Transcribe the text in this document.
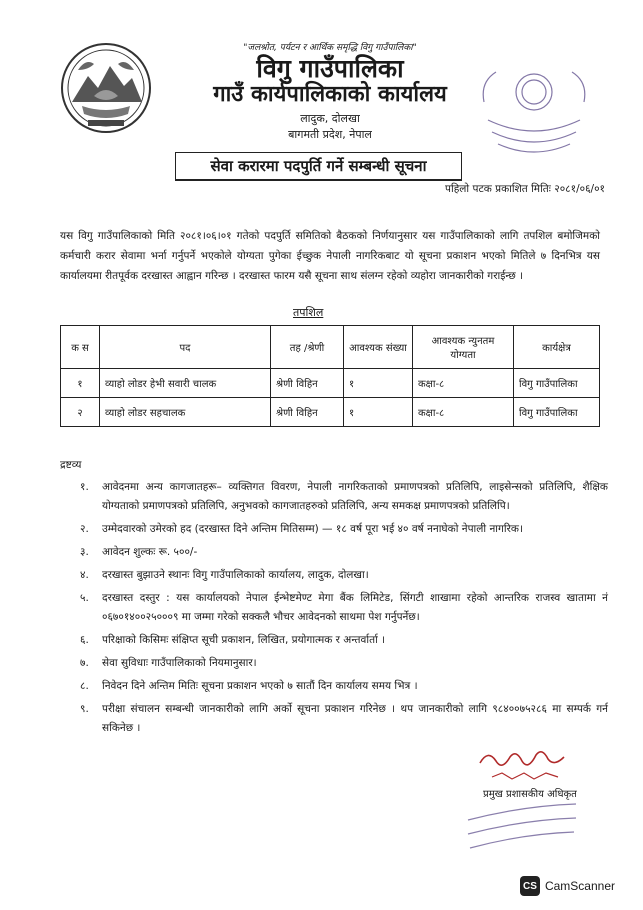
"जलश्रोत, पर्यटन र आर्थिक समृद्धि विगु गाउँपालिका"
विगु गाउँपालिका
गाउँ कार्यपालिकाको कार्यालय
लादुक, दोलखा
बागमती प्रदेश, नेपाल
सेवा करारमा पदपुर्ति गर्ने सम्बन्धी सूचना
पहिलो पटक प्रकाशित मितिः २०८१/०६/०१

यस विगु गाउँपालिकाको मिति २०८१।०६।०१ गतेको पदपुर्ति समितिको बैठकको निर्णयानुसार यस गाउँपालिकाको लागि तपशिल बमोजिमको कर्मचारी करार सेवामा भर्ना गर्नुपर्ने भएकोले योग्यता पुगेका ईच्छुक नेपाली नागरिकबाट यो सूचना प्रकाशन भएको मितिले ७ दिनभित्र यस कार्यालयमा रीतपूर्वक दरखास्त आह्वान गरिन्छ । दरखास्त फारम यसै सूचना साथ संलग्न रहेको व्यहोरा जानकारीको गराईन्छ ।

तपशिल
क स	पद	तह /श्रेणी	आवश्यक संख्या	आवश्यक न्युनतम योग्यता	कार्यक्षेत्र
१	व्याहो लोडर हेभी सवारी चालक	श्रेणी विहिन	१	कक्षा-८	विगु गाउँपालिका
२	व्याहो लोडर सहचालक	श्रेणी विहिन	१	कक्षा-८	विगु गाउँपालिका
द्रष्टव्य
१.	आवेदनमा अन्य कागजातहरू– व्यक्तिगत विवरण, नेपाली नागरिकताको प्रमाणपत्रको प्रतिलिपि, लाइसेन्सको प्रतिलिपि, शैक्षिक योग्यताको प्रमाणपत्रको प्रतिलिपि, अनुभवको कागजातहरुको प्रतिलिपि, अन्य समकक्ष प्रमाणपत्रको प्रतिलिपि।
२.	उम्मेदवारको उमेरको हद (दरखास्त दिने अन्तिम मितिसम्म) — १८ वर्ष पूरा भई ४० वर्ष ननाघेको नेपाली नागरिक।
३.	आवेदन शुल्कः रू. ५००/-
४.	दरखास्त बुझाउने स्थानः विगु गाउँपालिकाको कार्यालय, लादुक, दोलखा।
५.	दरखास्त दस्तुर : यस कार्यालयको नेपाल ईन्भेष्टमेण्ट मेगा बैंक लिमिटेड, सिंगटी शाखामा रहेको आन्तरिक राजस्व खातामा नं ०६७०१४००२५०००९ मा जम्मा गरेको सक्कलै भौचर आवेदनको साथमा पेश गर्नुपर्नेछ।
६.	परिक्षाको किसिमः संक्षिप्त सूची प्रकाशन, लिखित, प्रयोगात्मक र अन्तर्वार्ता ।
७.	सेवा सुविधाः गाउँपालिकाको नियमानुसार।
८.	निवेदन दिने अन्तिम मितिः सूचना प्रकाशन भएको ७ सातौं दिन कार्यालय समय भित्र ।
९.	परीक्षा संचालन सम्बन्धी जानकारीको लागि अर्को सूचना प्रकाशन गरिनेछ । थप जानकारीको लागि ९८४००७५२८६ मा सम्पर्क गर्न सकिनेछ ।
प्रमुख प्रशासकीय अधिकृत
CS CamScanner
